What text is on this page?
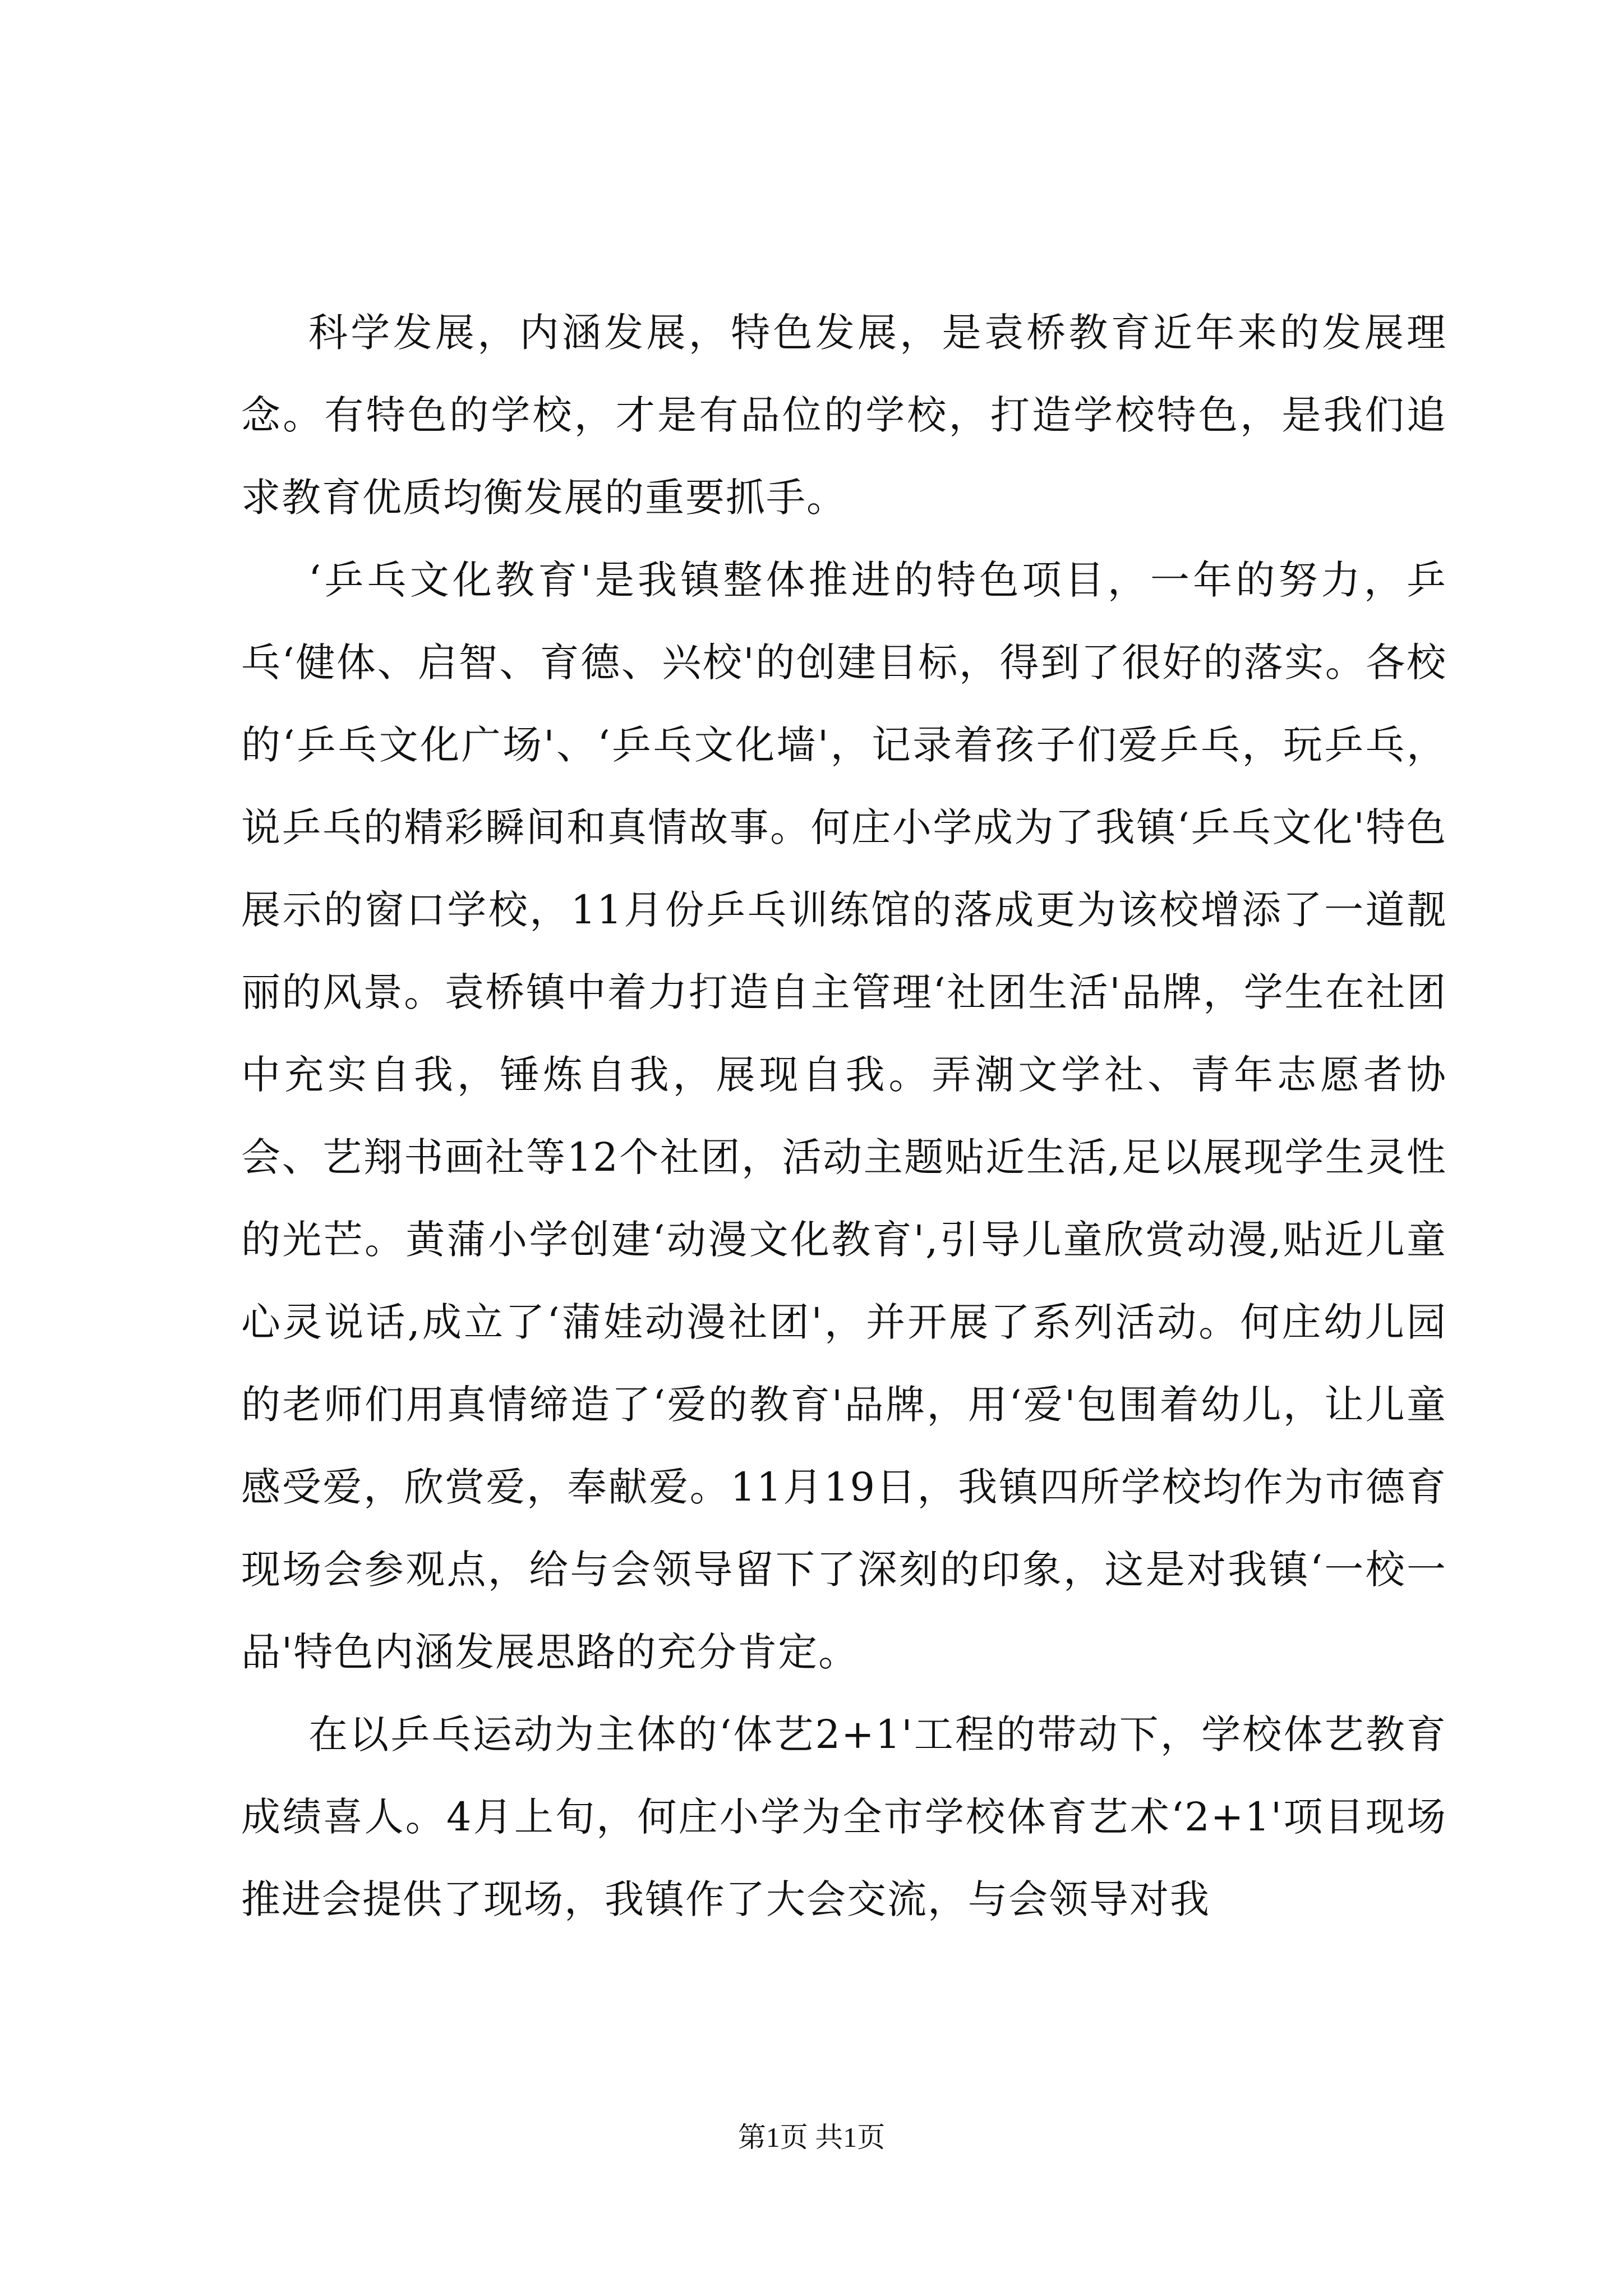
科学发展，内涵发展，特色发展，是袁桥教育近年来的发展理念。有特色的学校，才是有品位的学校，打造学校特色，是我们追求教育优质均衡发展的重要抓手。

‘乒乓文化教育'是我镇整体推进的特色项目，一年的努力，乒乓‘健体、启智、育德、兴校'的创建目标，得到了很好的落实。各校的‘乒乓文化广场'、‘乒乓文化墙'，记录着孩子们爱乒乓，玩乒乓，说乒乓的精彩瞬间和真情故事。何庄小学成为了我镇‘乒乓文化'特色展示的窗口学校，11月份乒乓训练馆的落成更为该校增添了一道靓丽的风景。袁桥镇中着力打造自主管理‘社团生活'品牌，学生在社团中充实自我，锤炼自我，展现自我。弄潮文学社、青年志愿者协会、艺翔书画社等12个社团，活动主题贴近生活,足以展现学生灵性的光芒。黄蒲小学创建‘动漫文化教育',引导儿童欣赏动漫,贴近儿童心灵说话,成立了‘蒲娃动漫社团'，并开展了系列活动。何庄幼儿园的老师们用真情缔造了‘爱的教育'品牌，用‘爱'包围着幼儿，让儿童感受爱，欣赏爱，奉献爱。11月19日，我镇四所学校均作为市德育现场会参观点，给与会领导留下了深刻的印象，这是对我镇‘一校一品'特色内涵发展思路的充分肯定。

在以乒乓运动为主体的‘体艺2+1'工程的带动下，学校体艺教育成绩喜人。4月上旬，何庄小学为全市学校体育艺术‘2+1'项目现场推进会提供了现场，我镇作了大会交流，与会领导对我

第1页 共1页
